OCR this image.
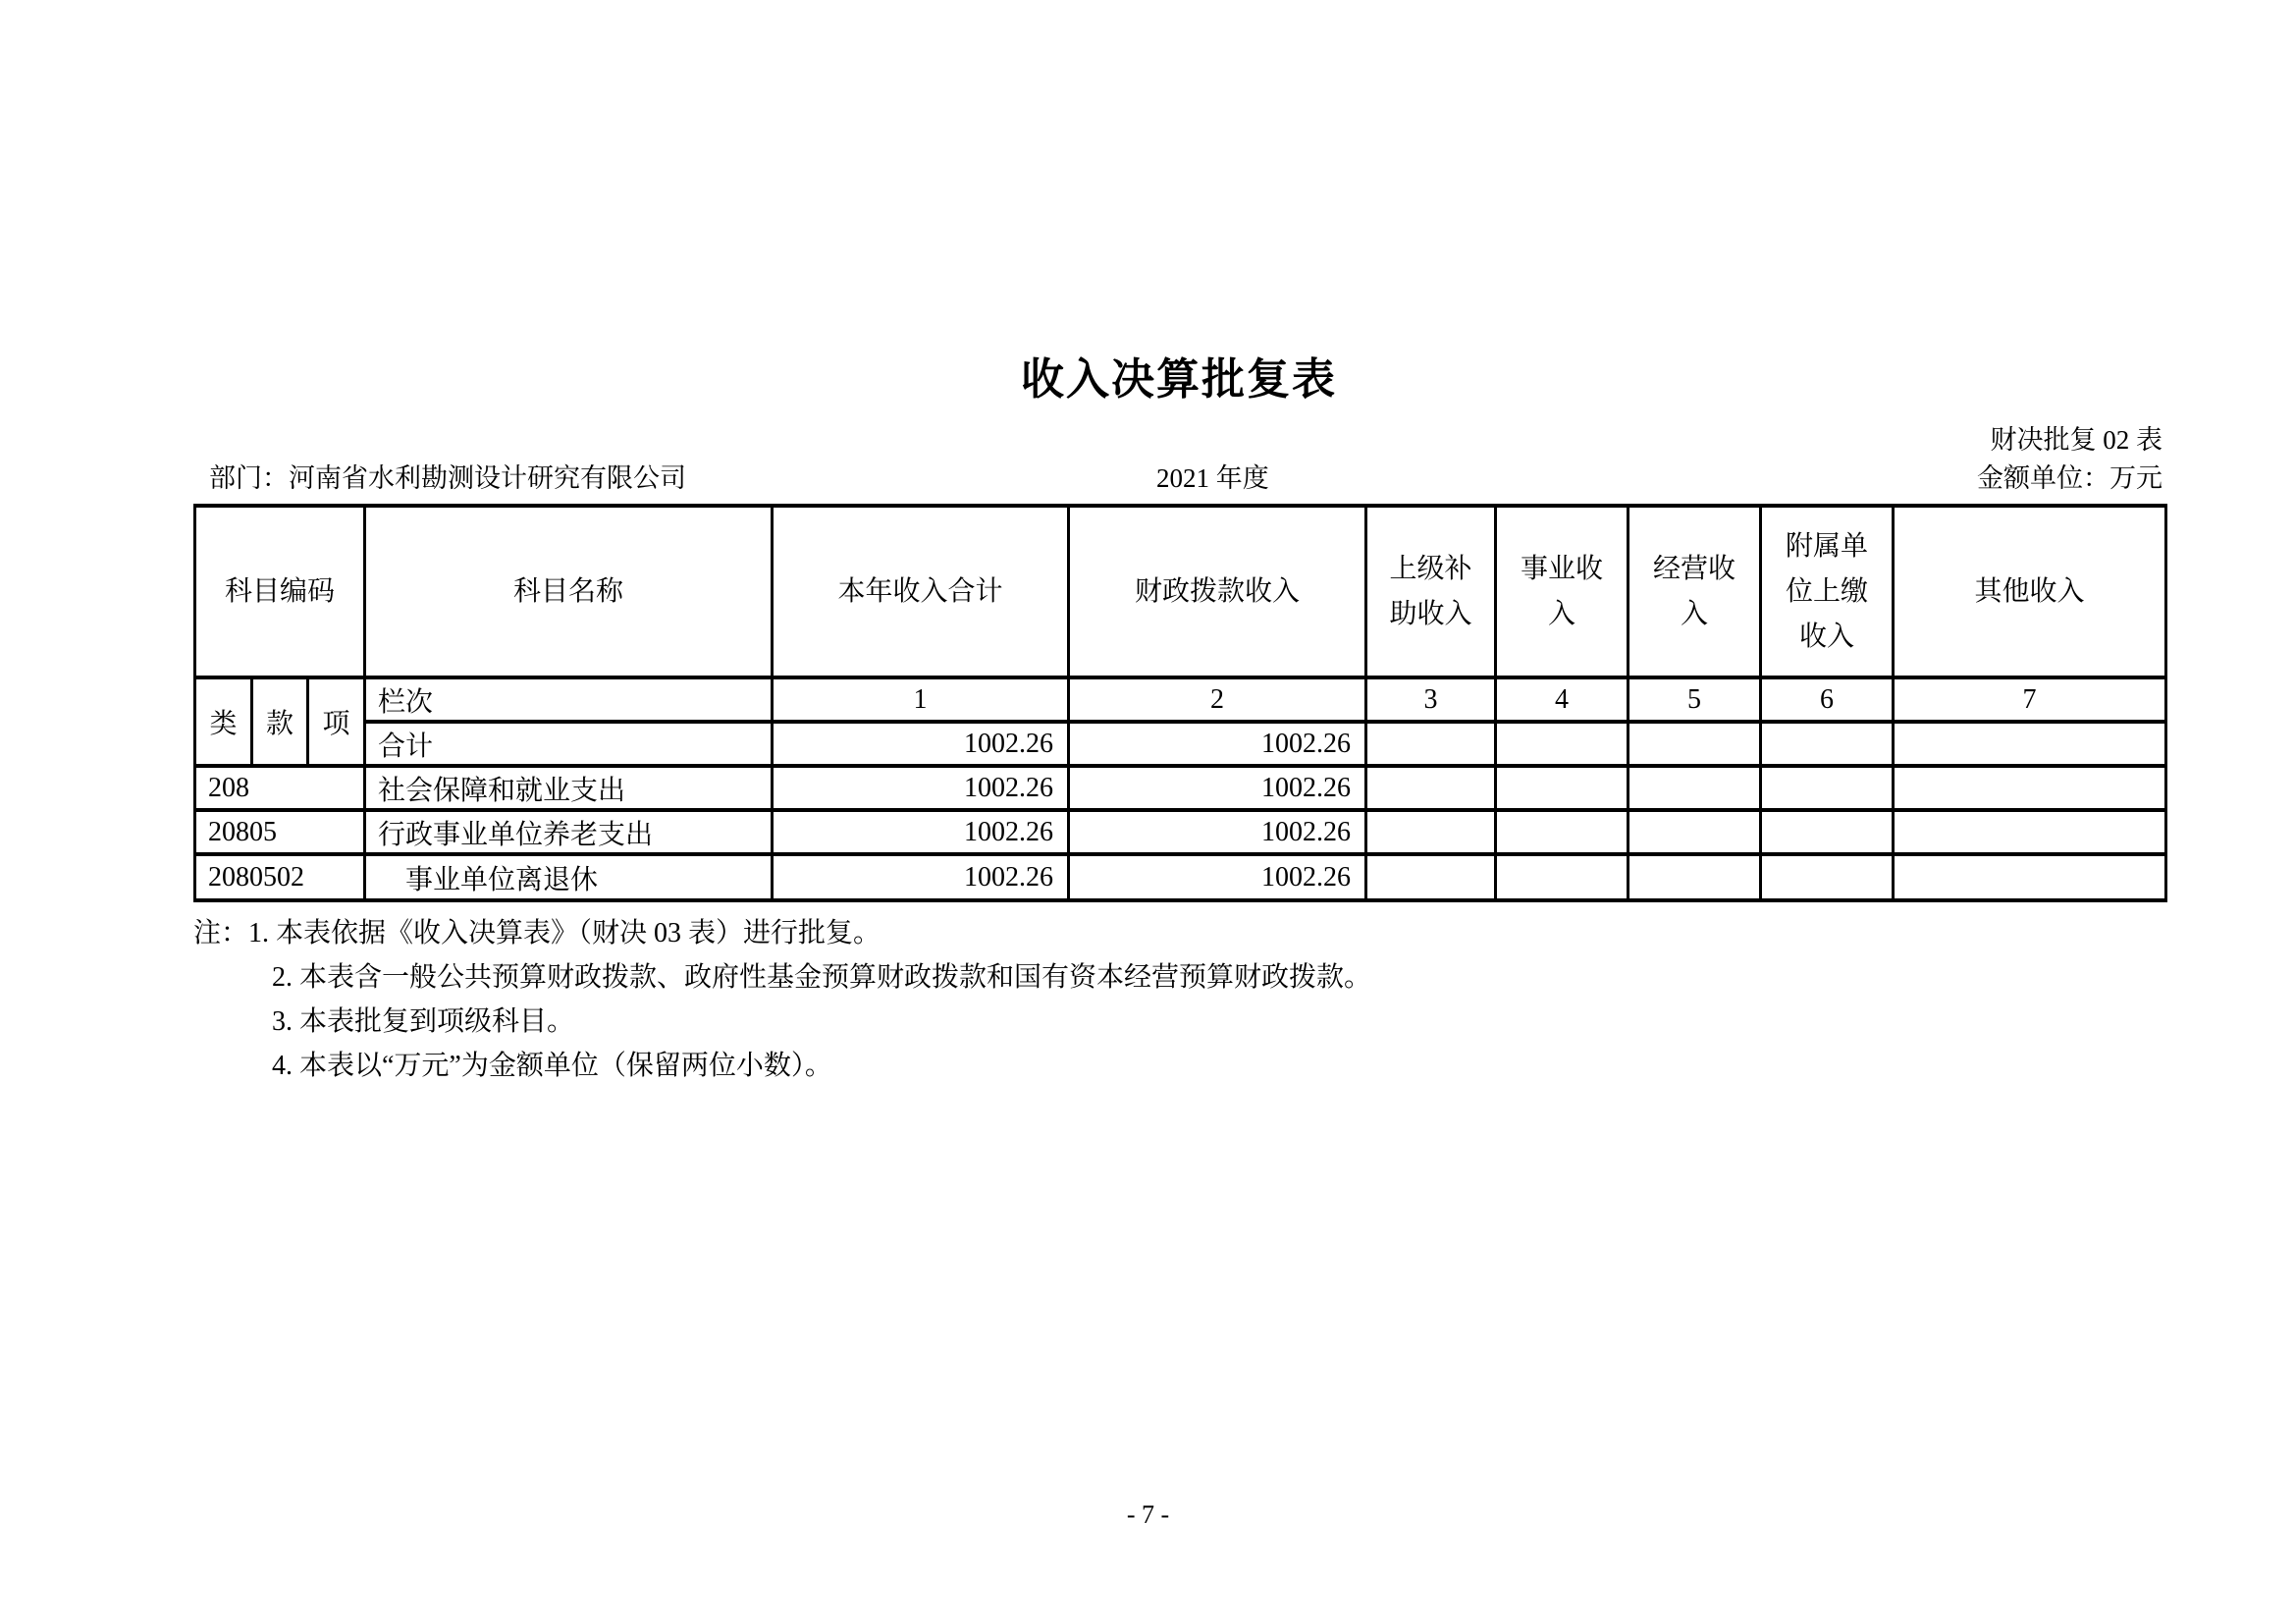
收入决算批复表
财决批复 02 表
部门：河南省水利勘测设计研究有限公司	2021 年度	金额单位：万元
科目编码			科目名称	本年收入合计	财政拨款收入	上级补助收入	事业收入	经营收入	附属单位上缴收入	其他收入
类	款	项	栏次	1	2	3	4	5	6	7
			合计	1002.26	1002.26					
208			社会保障和就业支出	1002.26	1002.26					
20805			行政事业单位养老支出	1002.26	1002.26					
2080502			　事业单位离退休	1002.26	1002.26					
注：1. 本表依据《收入决算表》（财决 03 表）进行批复。
2. 本表含一般公共预算财政拨款、政府性基金预算财政拨款和国有资本经营预算财政拨款。
3. 本表批复到项级科目。
4. 本表以“万元”为金额单位（保留两位小数）。
- 7 -
